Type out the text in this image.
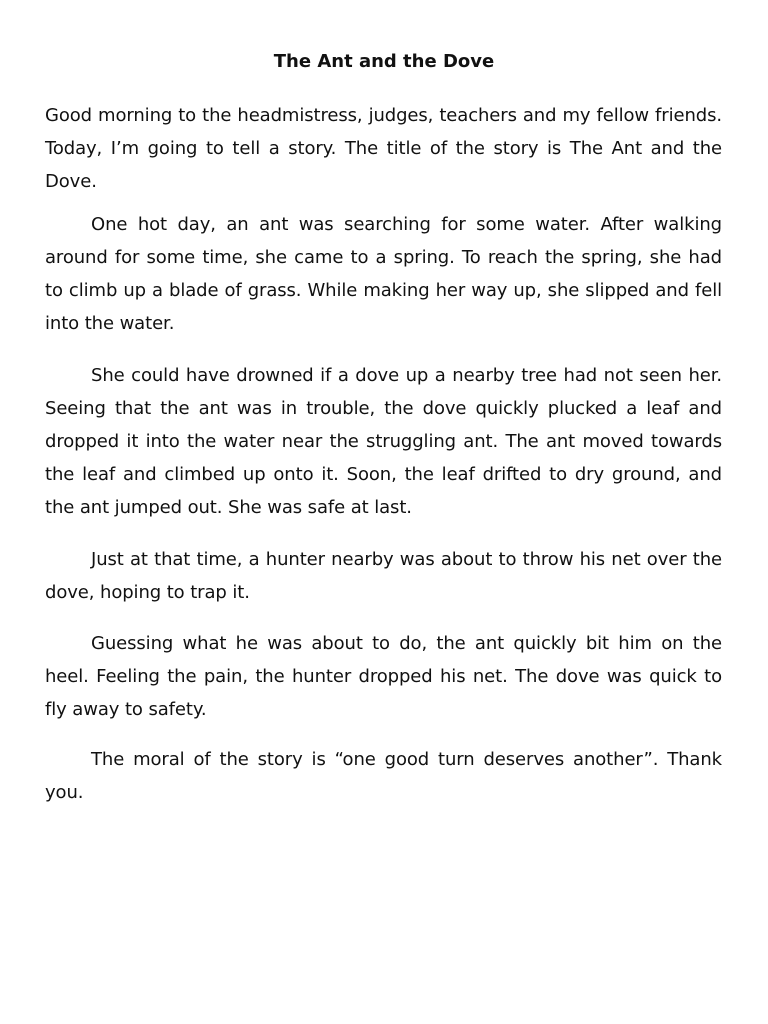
The Ant and the Dove

Good morning to the headmistress, judges, teachers and my fellow friends. Today, I’m going to tell a story. The title of the story is The Ant and the Dove.

One hot day, an ant was searching for some water. After walking around for some time, she came to a spring. To reach the spring, she had to climb up a blade of grass. While making her way up, she slipped and fell into the water.

She could have drowned if a dove up a nearby tree had not seen her. Seeing that the ant was in trouble, the dove quickly plucked a leaf and dropped it into the water near the struggling ant. The ant moved towards the leaf and climbed up onto it. Soon, the leaf drifted to dry ground, and the ant jumped out. She was safe at last.

Just at that time, a hunter nearby was about to throw his net over the dove, hoping to trap it.

Guessing what he was about to do, the ant quickly bit him on the heel. Feeling the pain, the hunter dropped his net. The dove was quick to fly away to safety.

The moral of the story is “one good turn deserves another”. Thank you.
